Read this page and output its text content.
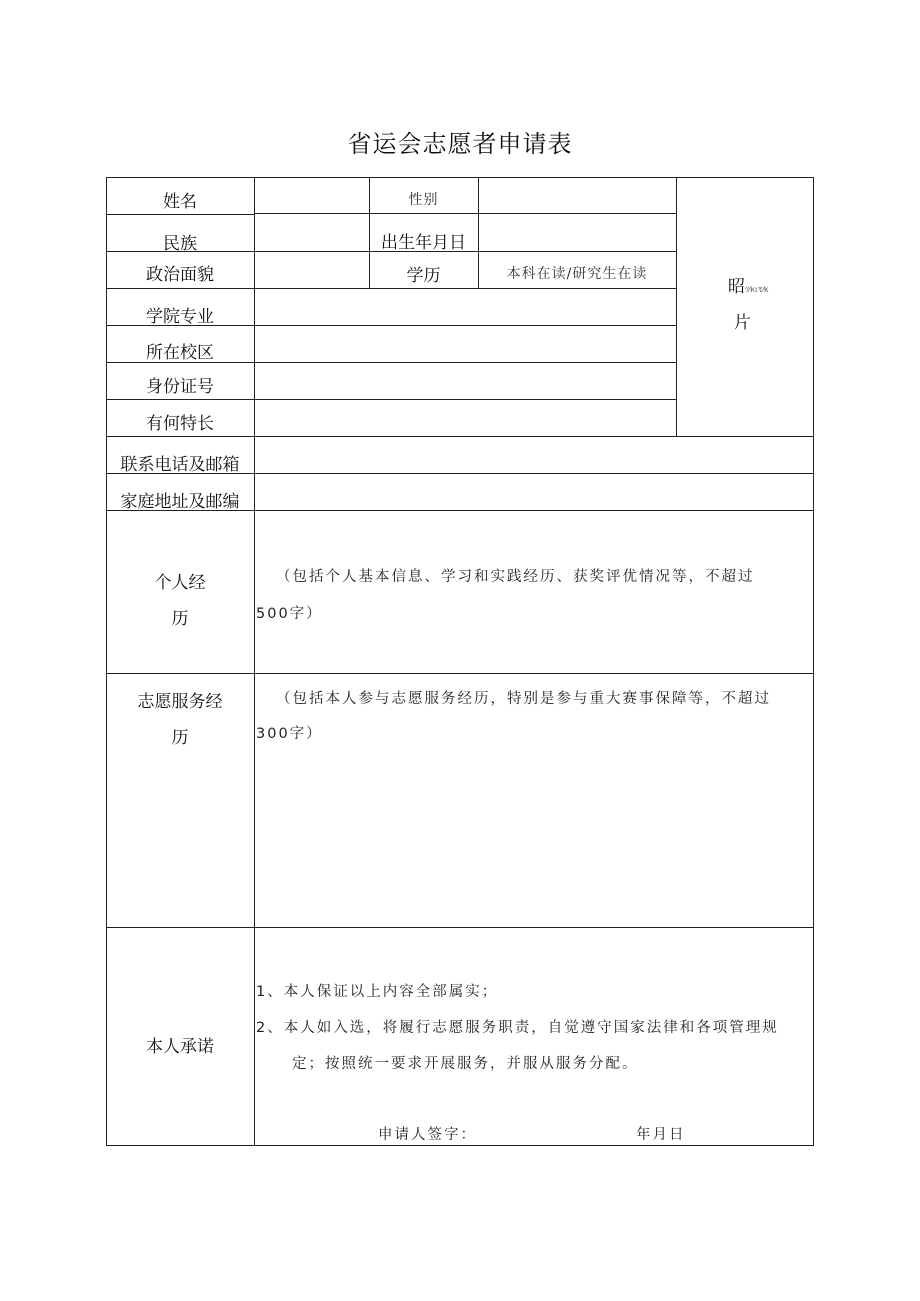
省运会志愿者申请表
姓名	性别
民族	出生年月日
政治面貌	学历	本科在读/研究生在读
学院专业
所在校区
身份证号
有何特长
昭ﾂ⁄κιτ⁄κ
片
联系电话及邮箱
家庭地址及邮编
个人经
历
（包括个人基本信息、学习和实践经历、获奖评优情况等，不超过
500字）
志愿服务经
历
（包括本人参与志愿服务经历，特别是参与重大赛事保障等，不超过
300字）
本人承诺
1、本人保证以上内容全部属实；
2、本人如入选，将履行志愿服务职责，自觉遵守国家法律和各项管理规
定；按照统一要求开展服务，并服从服务分配。
申请人签字：	年月日
